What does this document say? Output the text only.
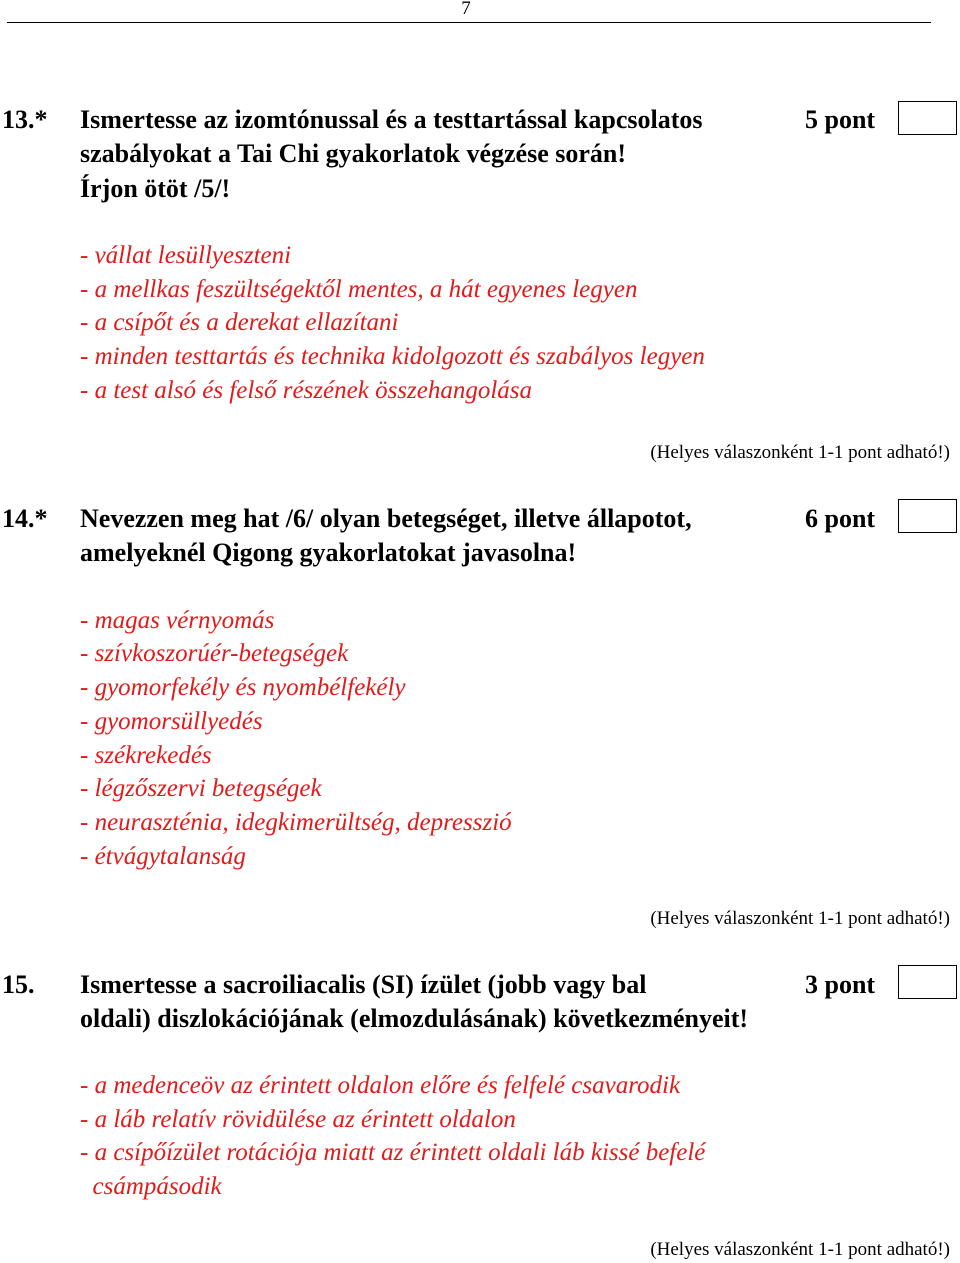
7
13.* Ismertesse az izomtónussal és a testtartással kapcsolatos
szabályokat a Tai Chi gyakorlatok végzése során!
Írjon ötöt /5/!
5 pont
- vállat lesüllyeszteni
- a mellkas feszültségektől mentes, a hát egyenes legyen
- a csípőt és a derekat ellazítani
- minden testtartás és technika kidolgozott és szabályos legyen
- a test alsó és felső részének összehangolása
(Helyes válaszonként 1-1 pont adható!)
14.* Nevezzen meg hat /6/ olyan betegséget, illetve állapotot,
amelyeknél Qigong gyakorlatokat javasolna!
6 pont
- magas vérnyomás
- szívkoszorúér-betegségek
- gyomorfekély és nyombélfekély
- gyomorsüllyedés
- székrekedés
- légzőszervi betegségek
- neuraszténia, idegkimerültség, depresszió
- étvágytalanság
(Helyes válaszonként 1-1 pont adható!)
15. Ismertesse a sacroiliacalis (SI) ízület (jobb vagy bal
oldali) diszlokációjának (elmozdulásának) következményeit!
3 pont
- a medenceöv az érintett oldalon előre és felfelé csavarodik
- a láb relatív rövidülése az érintett oldalon
- a csípőízület rotációja miatt az érintett oldali láb kissé befelé
csámpásodik
(Helyes válaszonként 1-1 pont adható!)
